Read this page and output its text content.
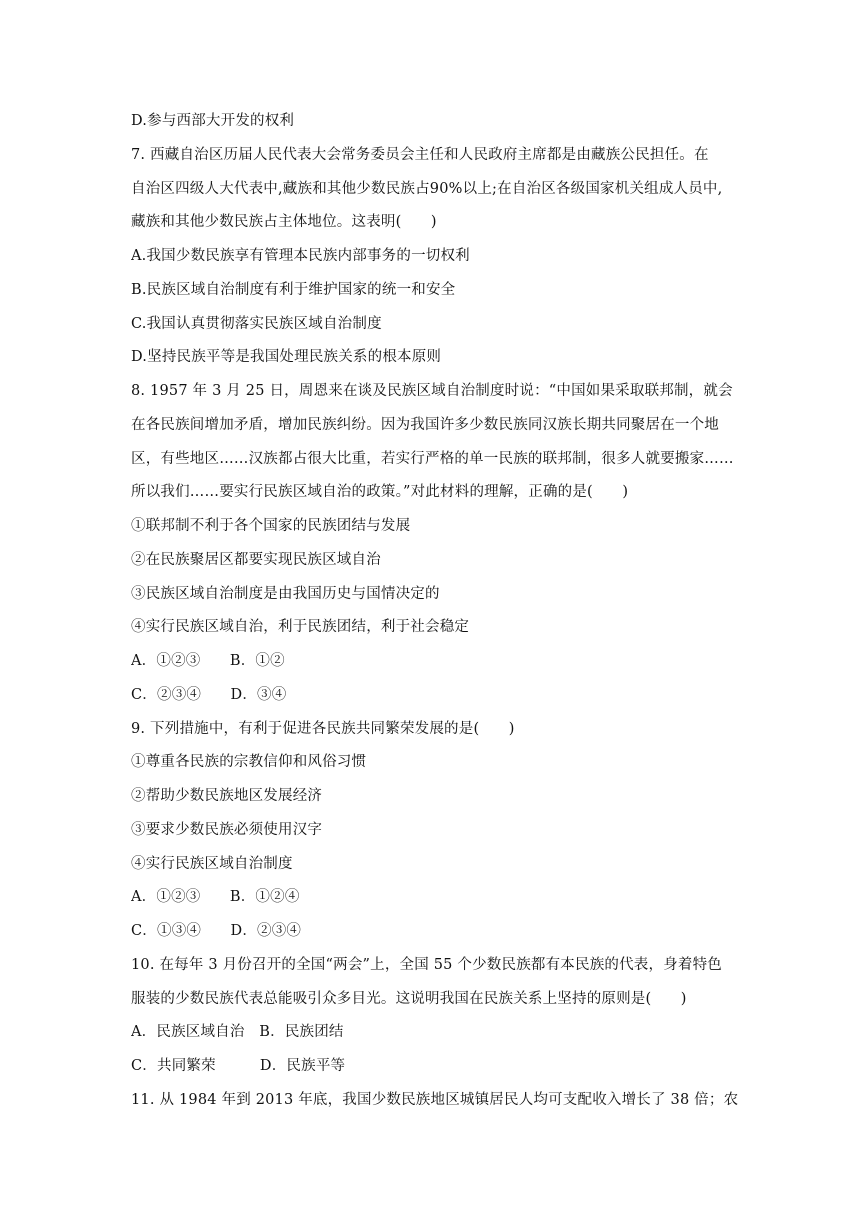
D.参与西部大开发的权利
7. 西藏自治区历届人民代表大会常务委员会主任和人民政府主席都是由藏族公民担任。在
自治区四级人大代表中,藏族和其他少数民族占90%以上;在自治区各级国家机关组成人员中,
藏族和其他少数民族占主体地位。这表明(　　)
A.我国少数民族享有管理本民族内部事务的一切权利
B.民族区域自治制度有利于维护国家的统一和安全
C.我国认真贯彻落实民族区域自治制度
D.坚持民族平等是我国处理民族关系的根本原则
8. 1957 年 3 月 25 日，周恩来在谈及民族区域自治制度时说：“中国如果采取联邦制，就会
在各民族间增加矛盾，增加民族纠纷。因为我国许多少数民族同汉族长期共同聚居在一个地
区，有些地区……汉族都占很大比重，若实行严格的单一民族的联邦制，很多人就要搬家……
所以我们……要实行民族区域自治的政策。”对此材料的理解，正确的是(　　)
①联邦制不利于各个国家的民族团结与发展
②在民族聚居区都要实现民族区域自治
③民族区域自治制度是由我国历史与国情决定的
④实行民族区域自治，利于民族团结，利于社会稳定
A．①②③　　B．①②
C．②③④　　D．③④
9. 下列措施中，有利于促进各民族共同繁荣发展的是(　　)
①尊重各民族的宗教信仰和风俗习惯
②帮助少数民族地区发展经济
③要求少数民族必须使用汉字
④实行民族区域自治制度
A．①②③　　B．①②④
C．①③④　　D．②③④
10. 在每年 3 月份召开的全国“两会”上，全国 55 个少数民族都有本民族的代表，身着特色
服装的少数民族代表总能吸引众多目光。这说明我国在民族关系上坚持的原则是(　　)
A．民族区域自治　B．民族团结
C．共同繁荣　　　D．民族平等
11. 从 1984 年到 2013 年底，我国少数民族地区城镇居民人均可支配收入增长了 38 倍；农
